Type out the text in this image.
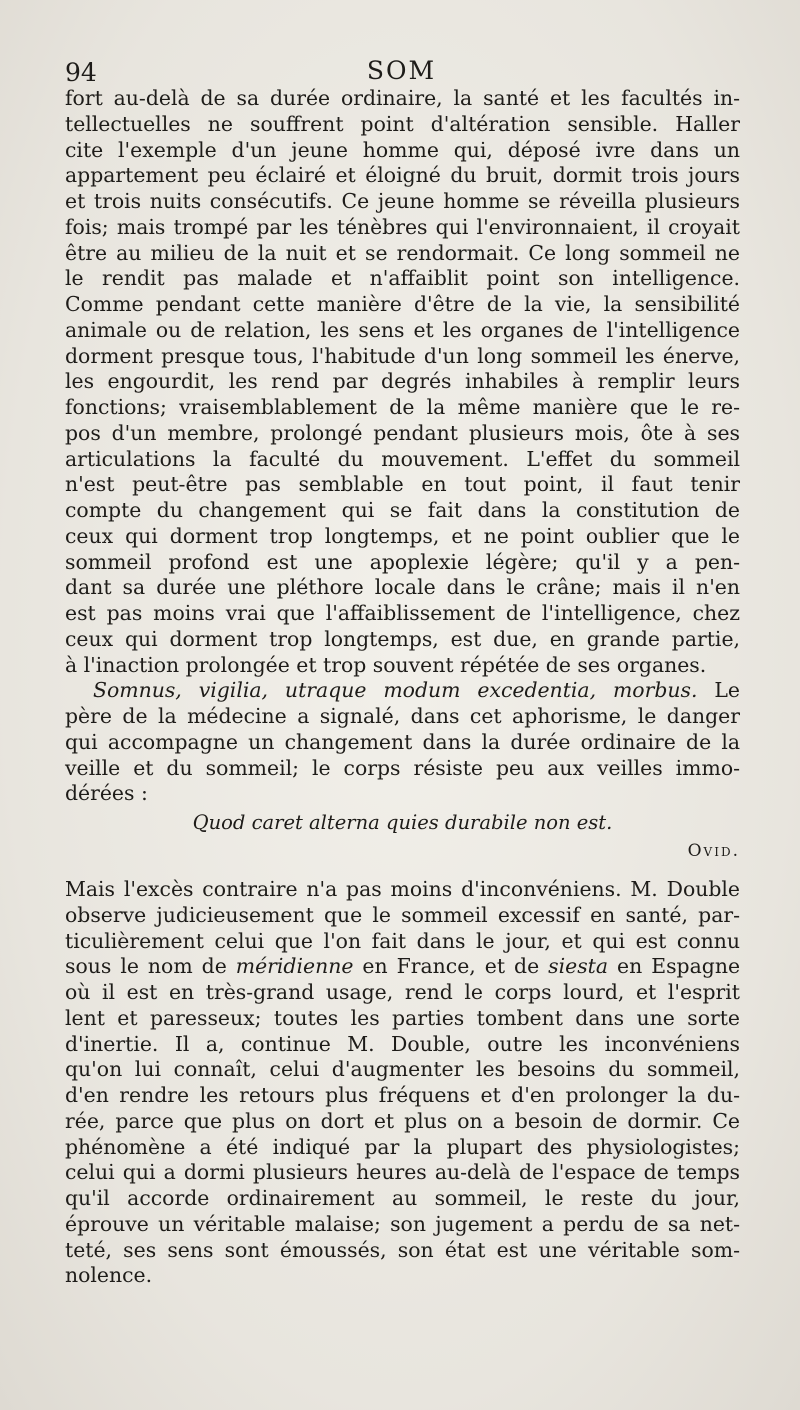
94	SOM
fort au-delà de sa durée ordinaire, la santé et les facultés in-
tellectuelles ne souffrent point d'altération sensible. Haller
cite l'exemple d'un jeune homme qui, déposé ivre dans un
appartement peu éclairé et éloigné du bruit, dormit trois jours
et trois nuits consécutifs. Ce jeune homme se réveilla plusieurs
fois; mais trompé par les ténèbres qui l'environnaient, il croyait
être au milieu de la nuit et se rendormait. Ce long sommeil ne
le rendit pas malade et n'affaiblit point son intelligence.
Comme pendant cette manière d'être de la vie, la sensibilité
animale ou de relation, les sens et les organes de l'intelligence
dorment presque tous, l'habitude d'un long sommeil les énerve,
les engourdit, les rend par degrés inhabiles à remplir leurs
fonctions; vraisemblablement de la même manière que le re-
pos d'un membre, prolongé pendant plusieurs mois, ôte à ses
articulations la faculté du mouvement. L'effet du sommeil
n'est peut-être pas semblable en tout point, il faut tenir
compte du changement qui se fait dans la constitution de
ceux qui dorment trop longtemps, et ne point oublier que le
sommeil profond est une apoplexie légère; qu'il y a pen-
dant sa durée une pléthore locale dans le crâne; mais il n'en
est pas moins vrai que l'affaiblissement de l'intelligence, chez
ceux qui dorment trop longtemps, est due, en grande partie,
à l'inaction prolongée et trop souvent répétée de ses organes.
Somnus, vigilia, utraque modum excedentia, morbus. Le
père de la médecine a signalé, dans cet aphorisme, le danger
qui accompagne un changement dans la durée ordinaire de la
veille et du sommeil; le corps résiste peu aux veilles immo-
dérées :
Quod caret alterna quies durabile non est.
Ovid.
Mais l'excès contraire n'a pas moins d'inconvéniens. M. Double
observe judicieusement que le sommeil excessif en santé, par-
ticulièrement celui que l'on fait dans le jour, et qui est connu
sous le nom de méridienne en France, et de siesta en Espagne
où il est en très-grand usage, rend le corps lourd, et l'esprit
lent et paresseux; toutes les parties tombent dans une sorte
d'inertie. Il a, continue M. Double, outre les inconvéniens
qu'on lui connaît, celui d'augmenter les besoins du sommeil,
d'en rendre les retours plus fréquens et d'en prolonger la du-
rée, parce que plus on dort et plus on a besoin de dormir. Ce
phénomène a été indiqué par la plupart des physiologistes;
celui qui a dormi plusieurs heures au-delà de l'espace de temps
qu'il accorde ordinairement au sommeil, le reste du jour,
éprouve un véritable malaise; son jugement a perdu de sa net-
teté, ses sens sont émoussés, son état est une véritable som-
nolence.
